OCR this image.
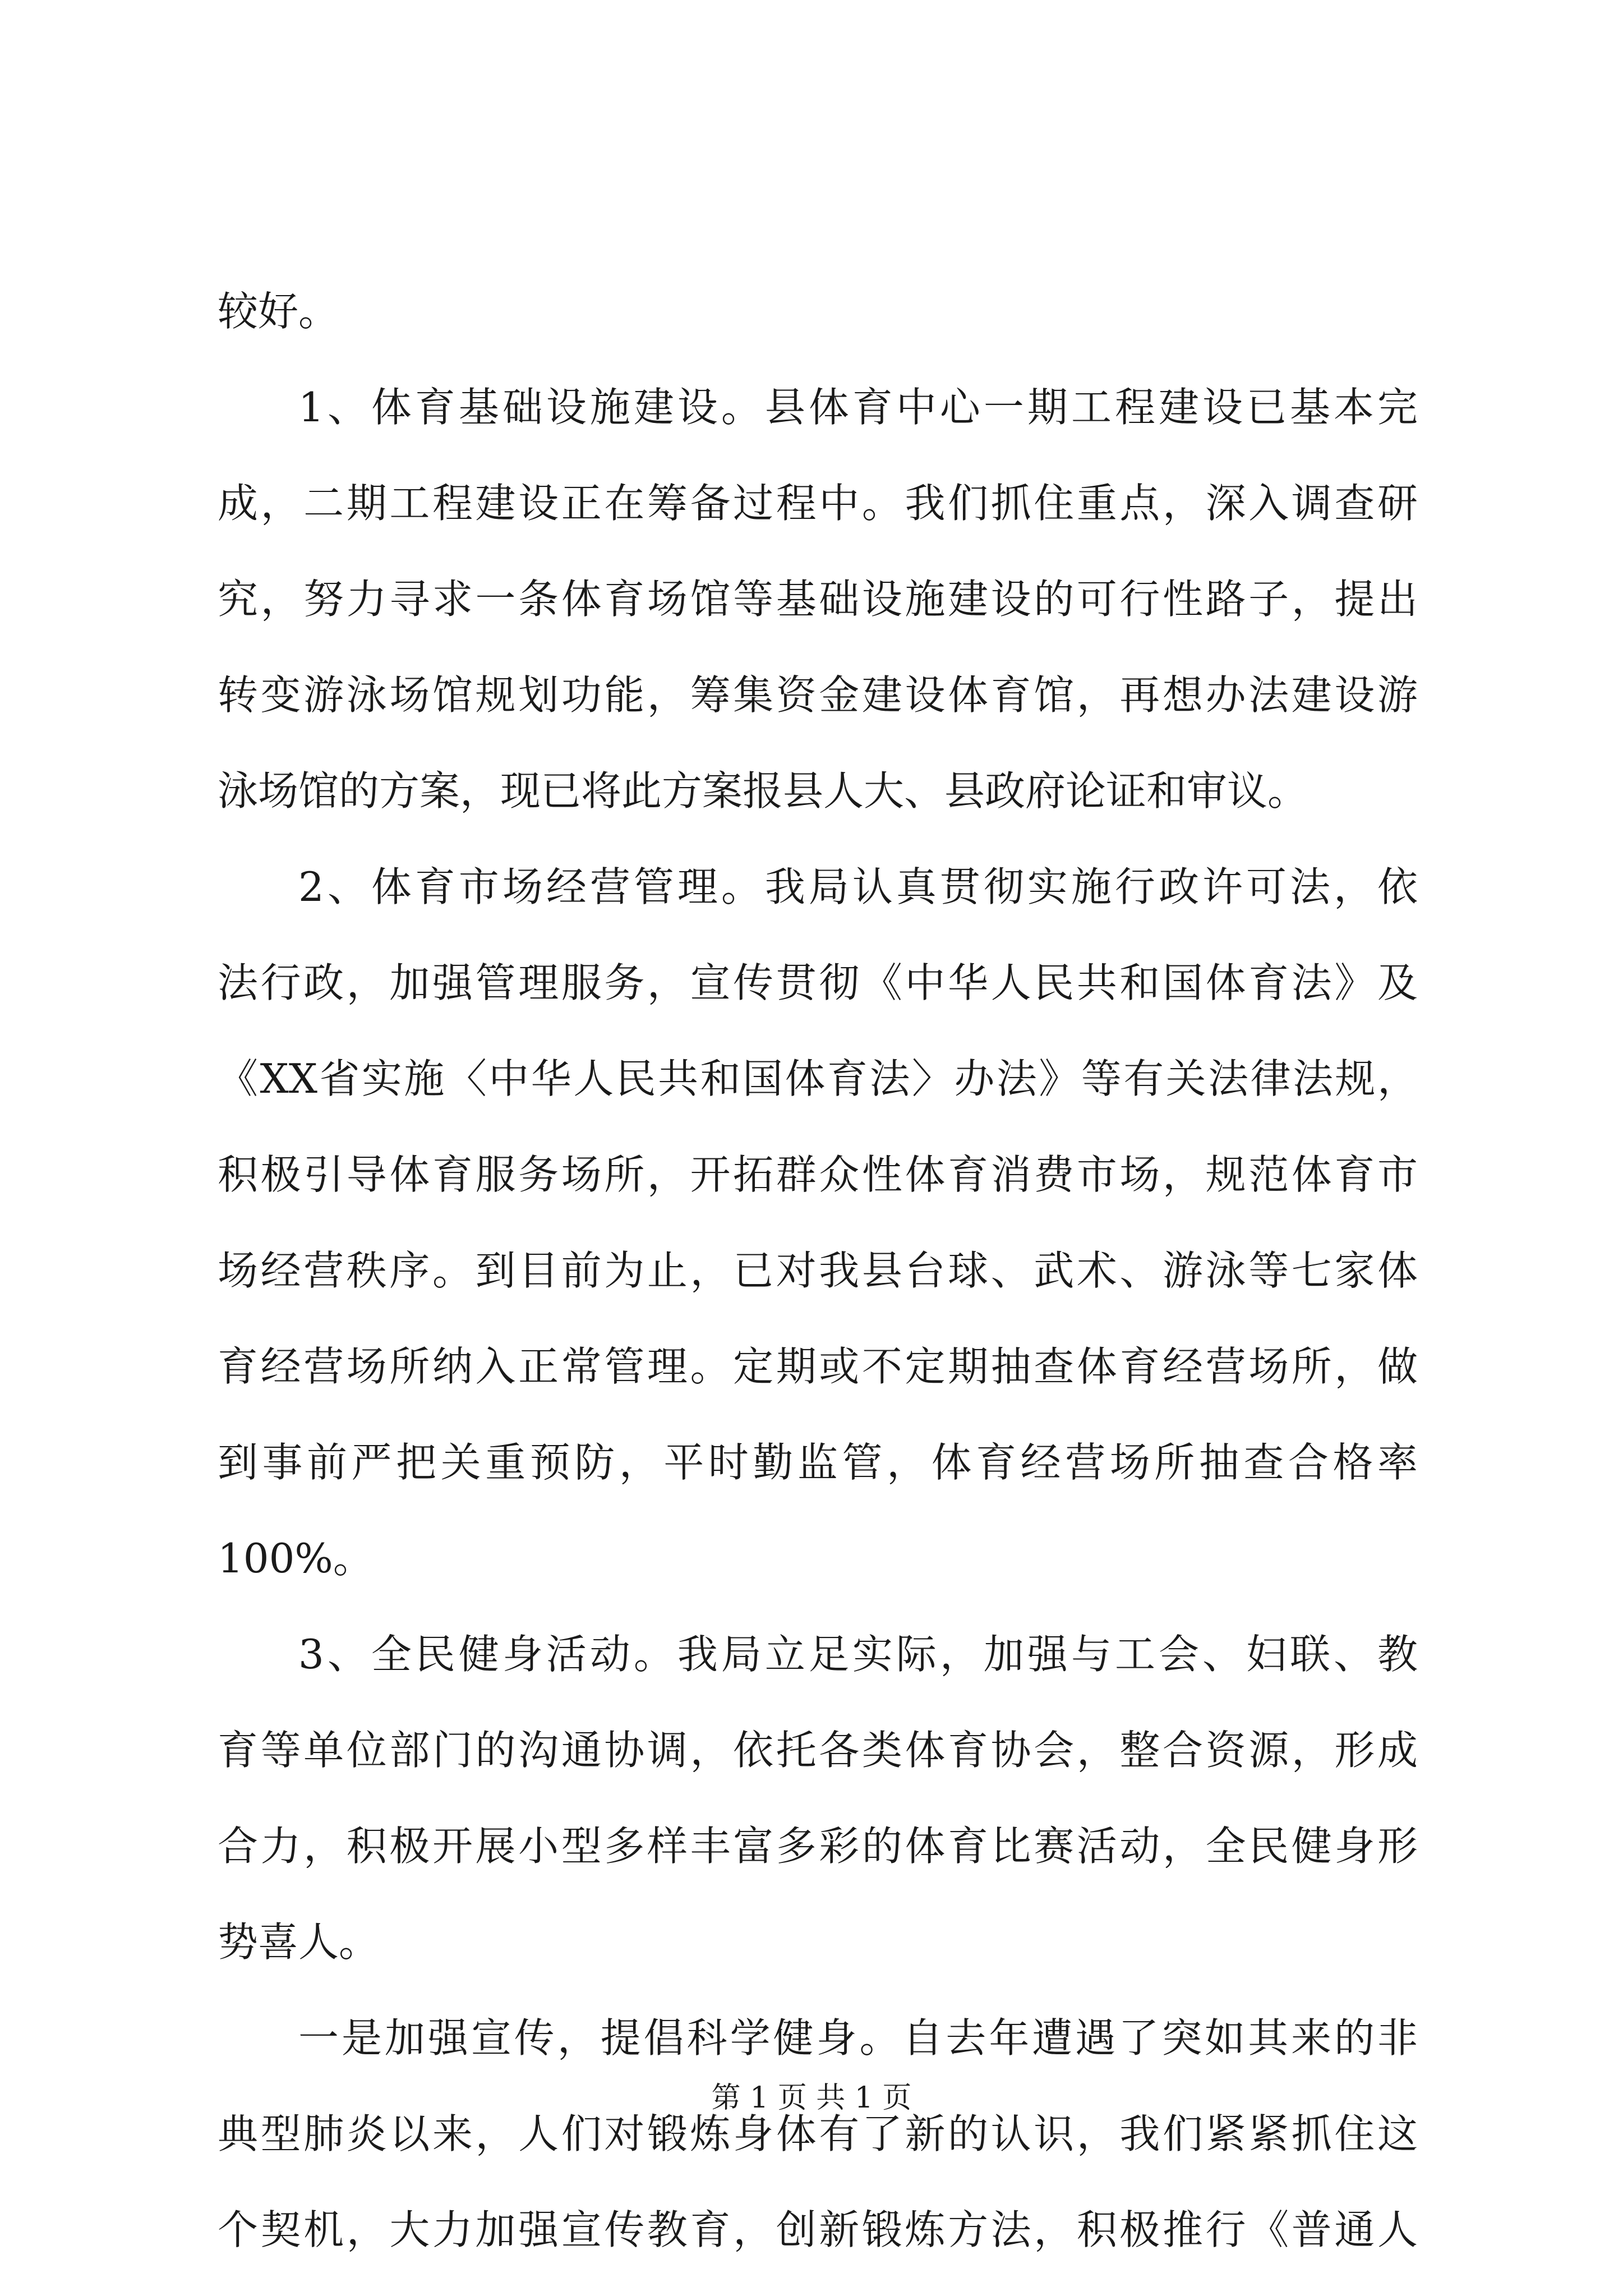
较好。
1、体育基础设施建设。县体育中心一期工程建设已基本完
成，二期工程建设正在筹备过程中。我们抓住重点，深入调查研
究，努力寻求一条体育场馆等基础设施建设的可行性路子，提出
转变游泳场馆规划功能，筹集资金建设体育馆，再想办法建设游
泳场馆的方案，现已将此方案报县人大、县政府论证和审议。
2、体育市场经营管理。我局认真贯彻实施行政许可法，依
法行政，加强管理服务，宣传贯彻《中华人民共和国体育法》及
《XX省实施〈中华人民共和国体育法〉办法》等有关法律法规，
积极引导体育服务场所，开拓群众性体育消费市场，规范体育市
场经营秩序。到目前为止，已对我县台球、武术、游泳等七家体
育经营场所纳入正常管理。定期或不定期抽查体育经营场所，做
到事前严把关重预防，平时勤监管，体育经营场所抽查合格率
100%。
3、全民健身活动。我局立足实际，加强与工会、妇联、教
育等单位部门的沟通协调，依托各类体育协会，整合资源，形成
合力，积极开展小型多样丰富多彩的体育比赛活动，全民健身形
势喜人。
一是加强宣传，提倡科学健身。自去年遭遇了突如其来的非
典型肺炎以来，人们对锻炼身体有了新的认识，我们紧紧抓住这
个契机，大力加强宣传教育，创新锻炼方法，积极推行《普通人
第 1 页 共 1 页
